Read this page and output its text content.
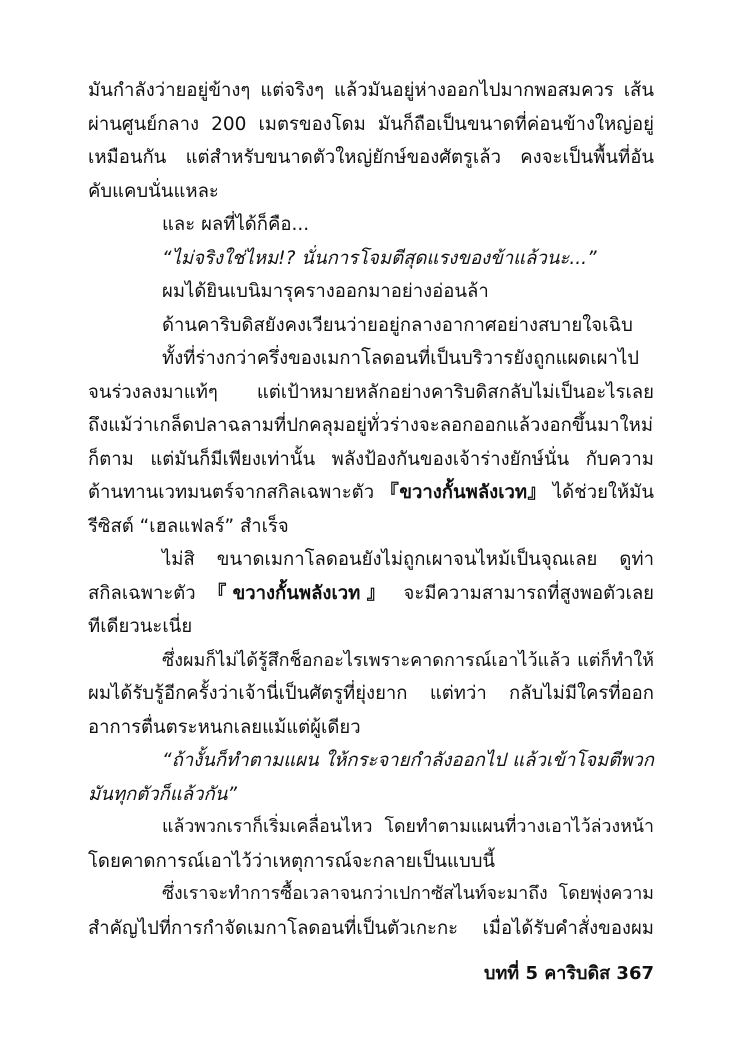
มันกำลังว่ายอยู่ข้างๆ แต่จริงๆ แล้วมันอยู่ห่างออกไปมากพอสมควร เส้น
ผ่านศูนย์กลาง 200 เมตรของโดม มันก็ถือเป็นขนาดที่ค่อนข้างใหญ่อยู่
เหมือนกัน แต่สำหรับขนาดตัวใหญ่ยักษ์ของศัตรูเล้ว คงจะเป็นพื้นที่อัน
คับแคบนั่นแหละ
และ ผลที่ได้ก็คือ...
“ไม่จริงใช่ไหม!? นั่นการโจมตีสุดแรงของข้าแล้วนะ...”
ผมได้ยินเบนิมารุครางออกมาอย่างอ่อนล้า
ด้านคาริบดิสยังคงเวียนว่ายอยู่กลางอากาศอย่างสบายใจเฉิบ
ทั้งที่ร่างกว่าครึ่งของเมกาโลดอนที่เป็นบริวารยังถูกแผดเผาไป
จนร่วงลงมาแท้ๆ แต่เป้าหมายหลักอย่างคาริบดิสกลับไม่เป็นอะไรเลย
ถึงแม้ว่าเกล็ดปลาฉลามที่ปกคลุมอยู่ทั่วร่างจะลอกออกแล้วงอกขึ้นมาใหม่
ก็ตาม แต่มันก็มีเพียงเท่านั้น พลังป้องกันของเจ้าร่างยักษ์นั่น กับความ
ต้านทานเวทมนตร์จากสกิลเฉพาะตัว 『ขวางกั้นพลังเวท』 ได้ช่วยให้มัน
รีซิสต์ “เฮลแฟลร์” สำเร็จ
ไม่สิ ขนาดเมกาโลดอนยังไม่ถูกเผาจนไหม้เป็นจุณเลย ดูท่า
สกิลเฉพาะตัว 『ขวางกั้นพลังเวท』 จะมีความสามารถที่สูงพอตัวเลย
ทีเดียวนะเนี่ย
ซึ่งผมก็ไม่ได้รู้สึกช็อกอะไรเพราะคาดการณ์เอาไว้แล้ว แต่ก็ทำให้
ผมได้รับรู้อีกครั้งว่าเจ้านี่เป็นศัตรูที่ยุ่งยาก แต่ทว่า กลับไม่มีใครที่ออก
อาการตื่นตระหนกเลยแม้แต่ผู้เดียว
“ถ้างั้นก็ทำตามแผน ให้กระจายกำลังออกไป แล้วเข้าโจมตีพวก
มันทุกตัวก็แล้วกัน”
แล้วพวกเราก็เริ่มเคลื่อนไหว โดยทำตามแผนที่วางเอาไว้ล่วงหน้า
โดยคาดการณ์เอาไว้ว่าเหตุการณ์จะกลายเป็นแบบนี้
ซึ่งเราจะทำการซื้อเวลาจนกว่าเปกาซัสไนท์จะมาถึง โดยพุ่งความ
สำคัญไปที่การกำจัดเมกาโลดอนที่เป็นตัวเกะกะ เมื่อได้รับคำสั่งของผม
บทที่ 5 คาริบดิส 367
